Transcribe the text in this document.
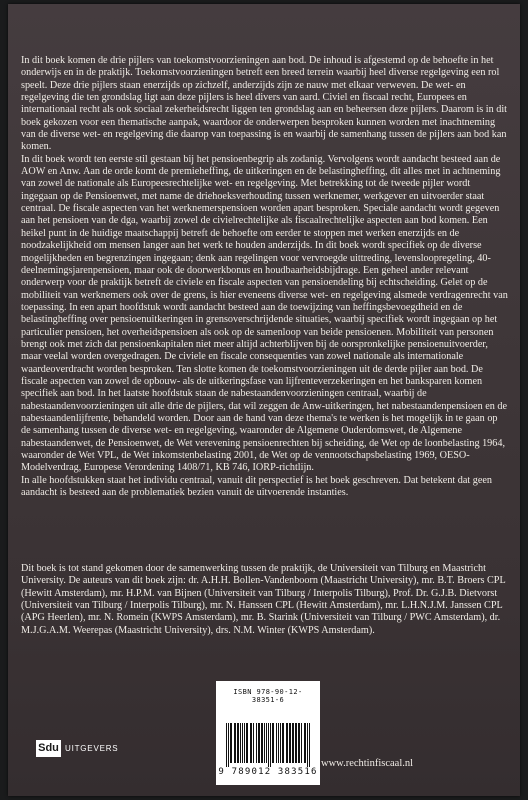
In dit boek komen de drie pijlers van toekomstvoorzieningen aan bod. De inhoud is afgestemd op de behoefte in het onderwijs en in de praktijk. Toekomstvoorzieningen betreft een breed terrein waarbij heel diverse regelgeving een rol speelt. Deze drie pijlers staan enerzijds op zichzelf, anderzijds zijn ze nauw met elkaar verweven. De wet- en regelgeving die ten grondslag ligt aan deze pijlers is heel divers van aard. Civiel en fiscaal recht, Europees en internationaal recht als ook sociaal zekerheidsrecht liggen ten grondslag aan en beheersen deze pijlers. Daarom is in dit boek gekozen voor een thematische aanpak, waardoor de onderwerpen besproken kunnen worden met inachtneming van de diverse wet- en regelgeving die daarop van toepassing is en waarbij de samenhang tussen de pijlers aan bod kan komen.

In dit boek wordt ten eerste stil gestaan bij het pensioenbegrip als zodanig. Vervolgens wordt aandacht besteed aan de AOW en Anw. Aan de orde komt de premieheffing, de uitkeringen en de belastingheffing, dit alles met in achtneming van zowel de nationale als Europeesrechtelijke wet- en regelgeving. Met betrekking tot de tweede pijler wordt ingegaan op de Pensioenwet, met name de driehoeksverhouding tussen werknemer, werkgever en uitvoerder staat centraal. De fiscale aspecten van het werknemerspensioen worden apart besproken. Speciale aandacht wordt gegeven aan het pensioen van de dga, waarbij zowel de civielrechtelijke als fiscaalrechtelijke aspecten aan bod komen. Een heikel punt in de huidige maatschappij betreft de behoefte om eerder te stoppen met werken enerzijds en de noodzakelijkheid om mensen langer aan het werk te houden anderzijds. In dit boek wordt specifiek op de diverse mogelijkheden en begrenzingen ingegaan; denk aan regelingen voor vervroegde uittreding, levensloopregeling, 40-deelnemingsjarenpensioen, maar ook de doorwerkbonus en houdbaarheidsbijdrage. Een geheel ander relevant onderwerp voor de praktijk betreft de civiele en fiscale aspecten van pensioendeling bij echtscheiding. Gelet op de mobiliteit van werknemers ook over de grens, is hier eveneens diverse wet- en regelgeving alsmede verdragenrecht van toepassing. In een apart hoofdstuk wordt aandacht besteed aan de toewijzing van heffingsbevoegdheid en de belastingheffing over pensioenuitkeringen in grensoverschrijdende situaties, waarbij specifiek wordt ingegaan op het particulier pensioen, het overheidspensioen als ook op de samenloop van beide pensioenen. Mobiliteit van personen brengt ook met zich dat pensioenkapitalen niet meer altijd achterblijven bij de oorspronkelijke pensioenuitvoerder, maar veelal worden overgedragen. De civiele en fiscale consequenties van zowel nationale als internationale waardeoverdracht worden besproken. Ten slotte komen de toekomstvoorzieningen uit de derde pijler aan bod. De fiscale aspecten van zowel de opbouw- als de uitkeringsfase van lijfrenteverzekeringen en het banksparen komen specifiek aan bod. In het laatste hoofdstuk staan de nabestaandenvoorzieningen centraal, waarbij de nabestaandenvoorzieningen uit alle drie de pijlers, dat wil zeggen de Anw-uitkeringen, het nabestaandenpensioen en de nabestaandenlijfrente, behandeld worden. Door aan de hand van deze thema's te werken is het mogelijk in te gaan op de samenhang tussen de diverse wet- en regelgeving, waaronder de Algemene Ouderdomswet, de Algemene nabestaandenwet, de Pensioenwet, de Wet verevening pensioenrechten bij scheiding, de Wet op de loonbelasting 1964, waaronder de Wet VPL, de Wet inkomstenbelasting 2001, de Wet op de vennootschapsbelasting 1969, OESO-Modelverdrag, Europese Verordening 1408/71, KB 746, IORP-richtlijn.

In alle hoofdstukken staat het individu centraal, vanuit dit perspectief is het boek geschreven. Dat betekent dat geen aandacht is besteed aan de problematiek bezien vanuit de uitvoerende instanties.

Dit boek is tot stand gekomen door de samenwerking tussen de praktijk, de Universiteit van Tilburg en Maastricht University. De auteurs van dit boek zijn: dr. A.H.H. Bollen-Vandenboorn (Maastricht University), mr. B.T. Broers CPL (Hewitt Amsterdam), mr. H.P.M. van Bijnen (Universiteit van Tilburg / Interpolis Tilburg), Prof. Dr. G.J.B. Dietvorst (Universiteit van Tilburg / Interpolis Tilburg), mr. N. Hanssen CPL (Hewitt Amsterdam), mr. L.H.N.J.M. Janssen CPL (APG Heerlen), mr. N. Romein (KWPS Amsterdam), mr. B. Starink (Universiteit van Tilburg / PWC Amsterdam), dr. M.J.G.A.M. Weerepas (Maastricht University), drs. N.M. Winter (KWPS Amsterdam).
ISBN 978-90-12-38351-6
9 789012 383516
Sdu UITGEVERS
www.rechtinfiscaal.nl
